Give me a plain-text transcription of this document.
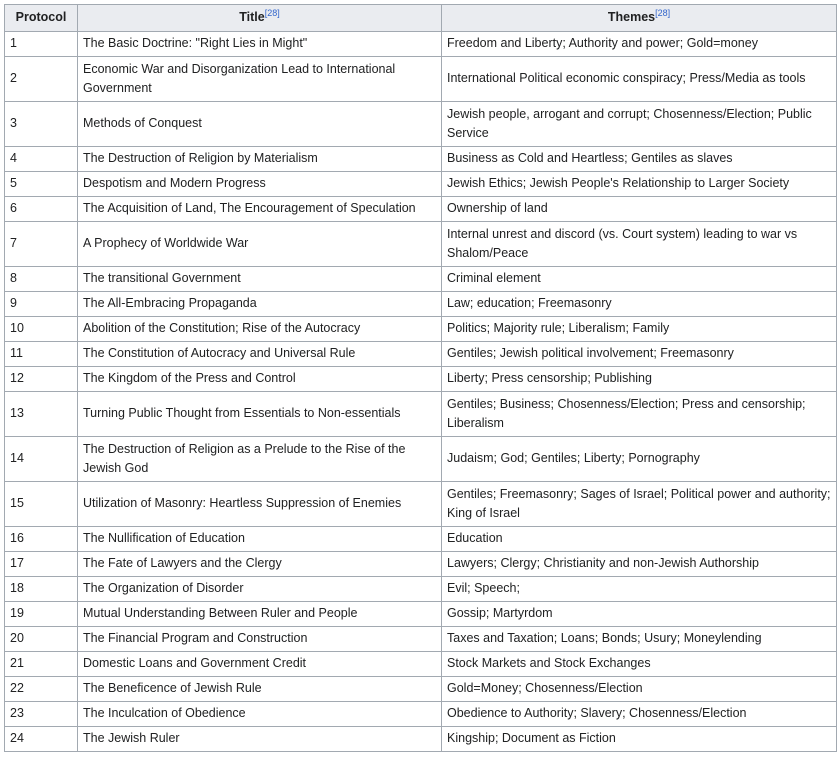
Protocol	Title[28]	Themes[28]
1	The Basic Doctrine: "Right Lies in Might"	Freedom and Liberty; Authority and power; Gold=money
2	Economic War and Disorganization Lead to International Government	International Political economic conspiracy; Press/Media as tools
3	Methods of Conquest	Jewish people, arrogant and corrupt; Chosenness/Election; Public Service
4	The Destruction of Religion by Materialism	Business as Cold and Heartless; Gentiles as slaves
5	Despotism and Modern Progress	Jewish Ethics; Jewish People's Relationship to Larger Society
6	The Acquisition of Land, The Encouragement of Speculation	Ownership of land
7	A Prophecy of Worldwide War	Internal unrest and discord (vs. Court system) leading to war vs Shalom/Peace
8	The transitional Government	Criminal element
9	The All-Embracing Propaganda	Law; education; Freemasonry
10	Abolition of the Constitution; Rise of the Autocracy	Politics; Majority rule; Liberalism; Family
11	The Constitution of Autocracy and Universal Rule	Gentiles; Jewish political involvement; Freemasonry
12	The Kingdom of the Press and Control	Liberty; Press censorship; Publishing
13	Turning Public Thought from Essentials to Non-essentials	Gentiles; Business; Chosenness/Election; Press and censorship; Liberalism
14	The Destruction of Religion as a Prelude to the Rise of the Jewish God	Judaism; God; Gentiles; Liberty; Pornography
15	Utilization of Masonry: Heartless Suppression of Enemies	Gentiles; Freemasonry; Sages of Israel; Political power and authority; King of Israel
16	The Nullification of Education	Education
17	The Fate of Lawyers and the Clergy	Lawyers; Clergy; Christianity and non-Jewish Authorship
18	The Organization of Disorder	Evil; Speech;
19	Mutual Understanding Between Ruler and People	Gossip; Martyrdom
20	The Financial Program and Construction	Taxes and Taxation; Loans; Bonds; Usury; Moneylending
21	Domestic Loans and Government Credit	Stock Markets and Stock Exchanges
22	The Beneficence of Jewish Rule	Gold=Money; Chosenness/Election
23	The Inculcation of Obedience	Obedience to Authority; Slavery; Chosenness/Election
24	The Jewish Ruler	Kingship; Document as Fiction
